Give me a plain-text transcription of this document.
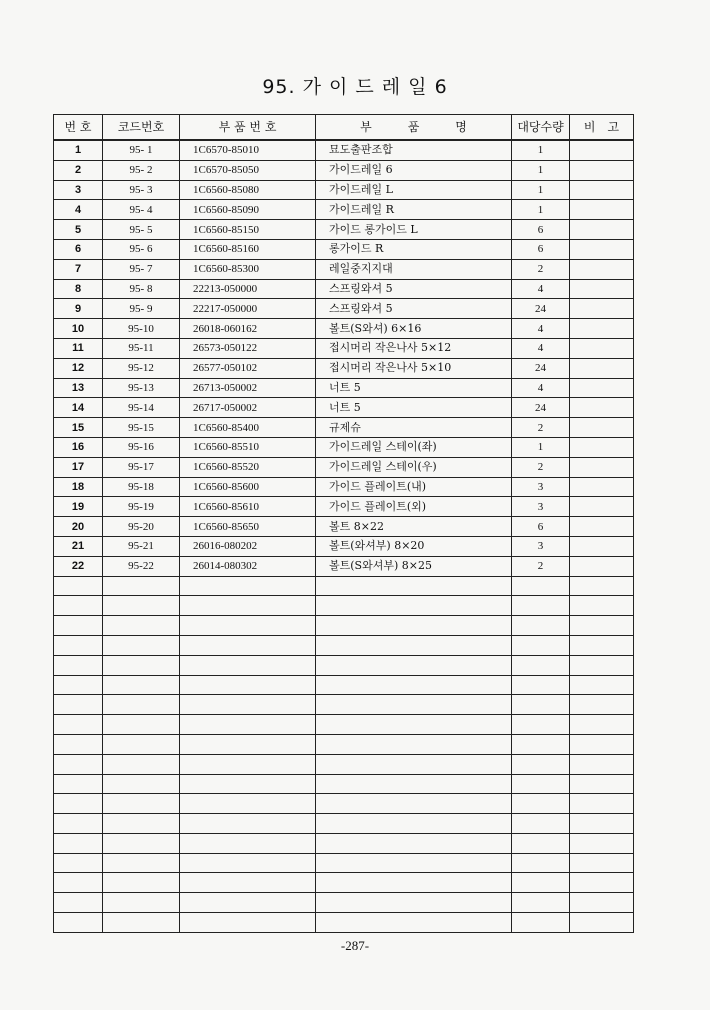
95. 가 이 드 레 일 6
번 호	코드번호	부 품 번 호	부　　　품　　　명	대당수량	비　고
1	95- 1	1C6570-85010	묘도출판조합	1	
2	95- 2	1C6570-85050	가이드레일 6	1	
3	95- 3	1C6560-85080	가이드레일 L	1	
4	95- 4	1C6560-85090	가이드레일 R	1	
5	95- 5	1C6560-85150	가이드 롱가이드 L	6	
6	95- 6	1C6560-85160	롱가이드 R	6	
7	95- 7	1C6560-85300	레일중지지대	2	
8	95- 8	22213-050000	스프링와셔 5	4	
9	95- 9	22217-050000	스프링와셔 5	24	
10	95-10	26018-060162	볼트(S와셔) 6×16	4	
11	95-11	26573-050122	접시머리 작은나사 5×12	4	
12	95-12	26577-050102	접시머리 작은나사 5×10	24	
13	95-13	26713-050002	너트 5	4	
14	95-14	26717-050002	너트 5	24	
15	95-15	1C6560-85400	규제슈	2	
16	95-16	1C6560-85510	가이드레일 스테이(좌)	1	
17	95-17	1C6560-85520	가이드레일 스테이(우)	2	
18	95-18	1C6560-85600	가이드 플레이트(내)	3	
19	95-19	1C6560-85610	가이드 플레이트(외)	3	
20	95-20	1C6560-85650	볼트 8×22	6	
21	95-21	26016-080202	볼트(와셔부) 8×20	3	
22	95-22	26014-080302	볼트(S와셔부) 8×25	2	

-287-
